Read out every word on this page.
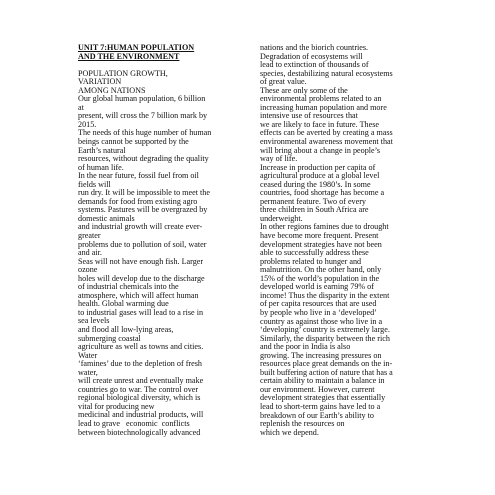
UNIT 7:HUMAN POPULATION
AND THE ENVIRONMENT
POPULATION GROWTH,
VARIATION
AMONG NATIONS
Our global human population, 6 billion
at
present, will cross the 7 billion mark by
2015.
The needs of this huge number of human
beings cannot be supported by the
Earth’s natural
resources, without degrading the quality
of human life.
In the near future, fossil fuel from oil
fields will
run dry. It will be impossible to meet the
demands for food from existing agro
systems. Pastures will be overgrazed by
domestic animals
and industrial growth will create ever-
greater
problems due to pollution of soil, water
and air.
Seas will not have enough fish. Larger
ozone
holes will develop due to the discharge
of industrial chemicals into the
atmosphere, which will affect human
health. Global warming due
to industrial gases will lead to a rise in
sea levels
and flood all low-lying areas,
submerging coastal
agriculture as well as towns and cities.
Water
‘famines’ due to the depletion of fresh
water,
will create unrest and eventually make
countries go to war. The control over
regional biological diversity, which is
vital for producing new
medicinal and industrial products, will
lead to grave   economic  conflicts
between biotechnologically advanced
nations and the biorich countries.
Degradation of ecosystems will
lead to extinction of thousands of
species, destabilizing natural ecosystems
of great value.
These are only some of the
environmental problems related to an
increasing human population and more
intensive use of resources that
we are likely to face in future. These
effects can be averted by creating a mass
environmental awareness movement that
will bring about a change in people’s
way of life.
Increase in production per capita of
agricultural produce at a global level
ceased during the 1980’s. In some
countries, food shortage has become a
permanent feature. Two of every
three children in South Africa are
underweight.
In other regions famines due to drought
have become more frequent. Present
development strategies have not been
able to successfully address these
problems related to hunger and
malnutrition. On the other hand, only
15% of the world’s population in the
developed world is earning 79% of
income! Thus the disparity in the extent
of per capita resources that are used
by people who live in a ‘developed’
country as against those who live in a
‘developing’ country is extremely large.
Similarly, the disparity between the rich
and the poor in India is also
growing. The increasing pressures on
resources place great demands on the in-
built buffering action of nature that has a
certain ability to maintain a balance in
our environment. However, current
development strategies that essentially
lead to short-term gains have led to a
breakdown of our Earth’s ability to
replenish the resources on
which we depend.
